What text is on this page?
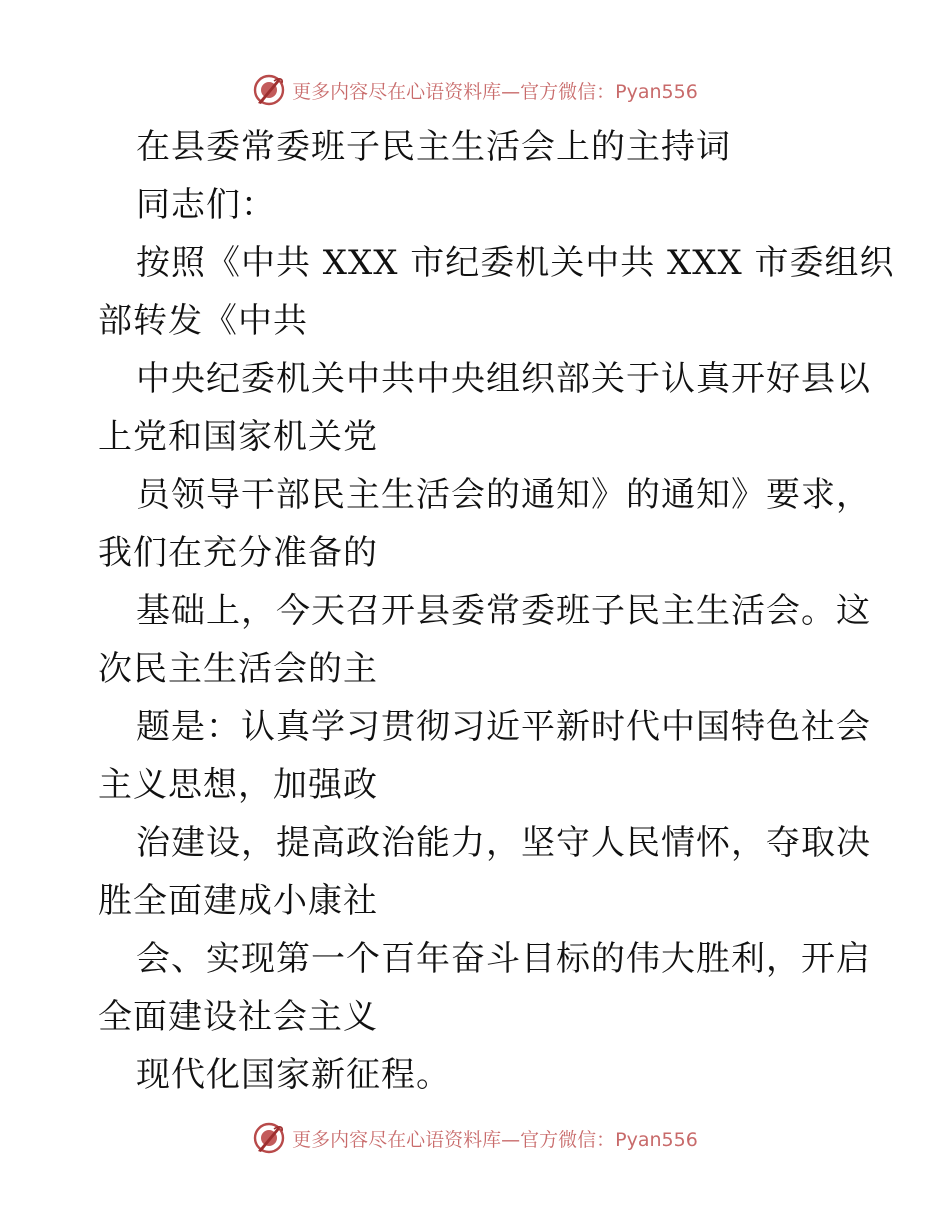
更多内容尽在心语资料库—官方微信：Pyan556
在县委常委班子民主生活会上的主持词
同志们：
按照《中共 XXX 市纪委机关中共 XXX 市委组织
部转发《中共
中央纪委机关中共中央组织部关于认真开好县以
上党和国家机关党
员领导干部民主生活会的通知》的通知》要求，
我们在充分准备的
基础上，今天召开县委常委班子民主生活会。这
次民主生活会的主
题是：认真学习贯彻习近平新时代中国特色社会
主义思想，加强政
治建设，提高政治能力，坚守人民情怀，夺取决
胜全面建成小康社
会、实现第一个百年奋斗目标的伟大胜利，开启
全面建设社会主义
现代化国家新征程。
更多内容尽在心语资料库—官方微信：Pyan556
